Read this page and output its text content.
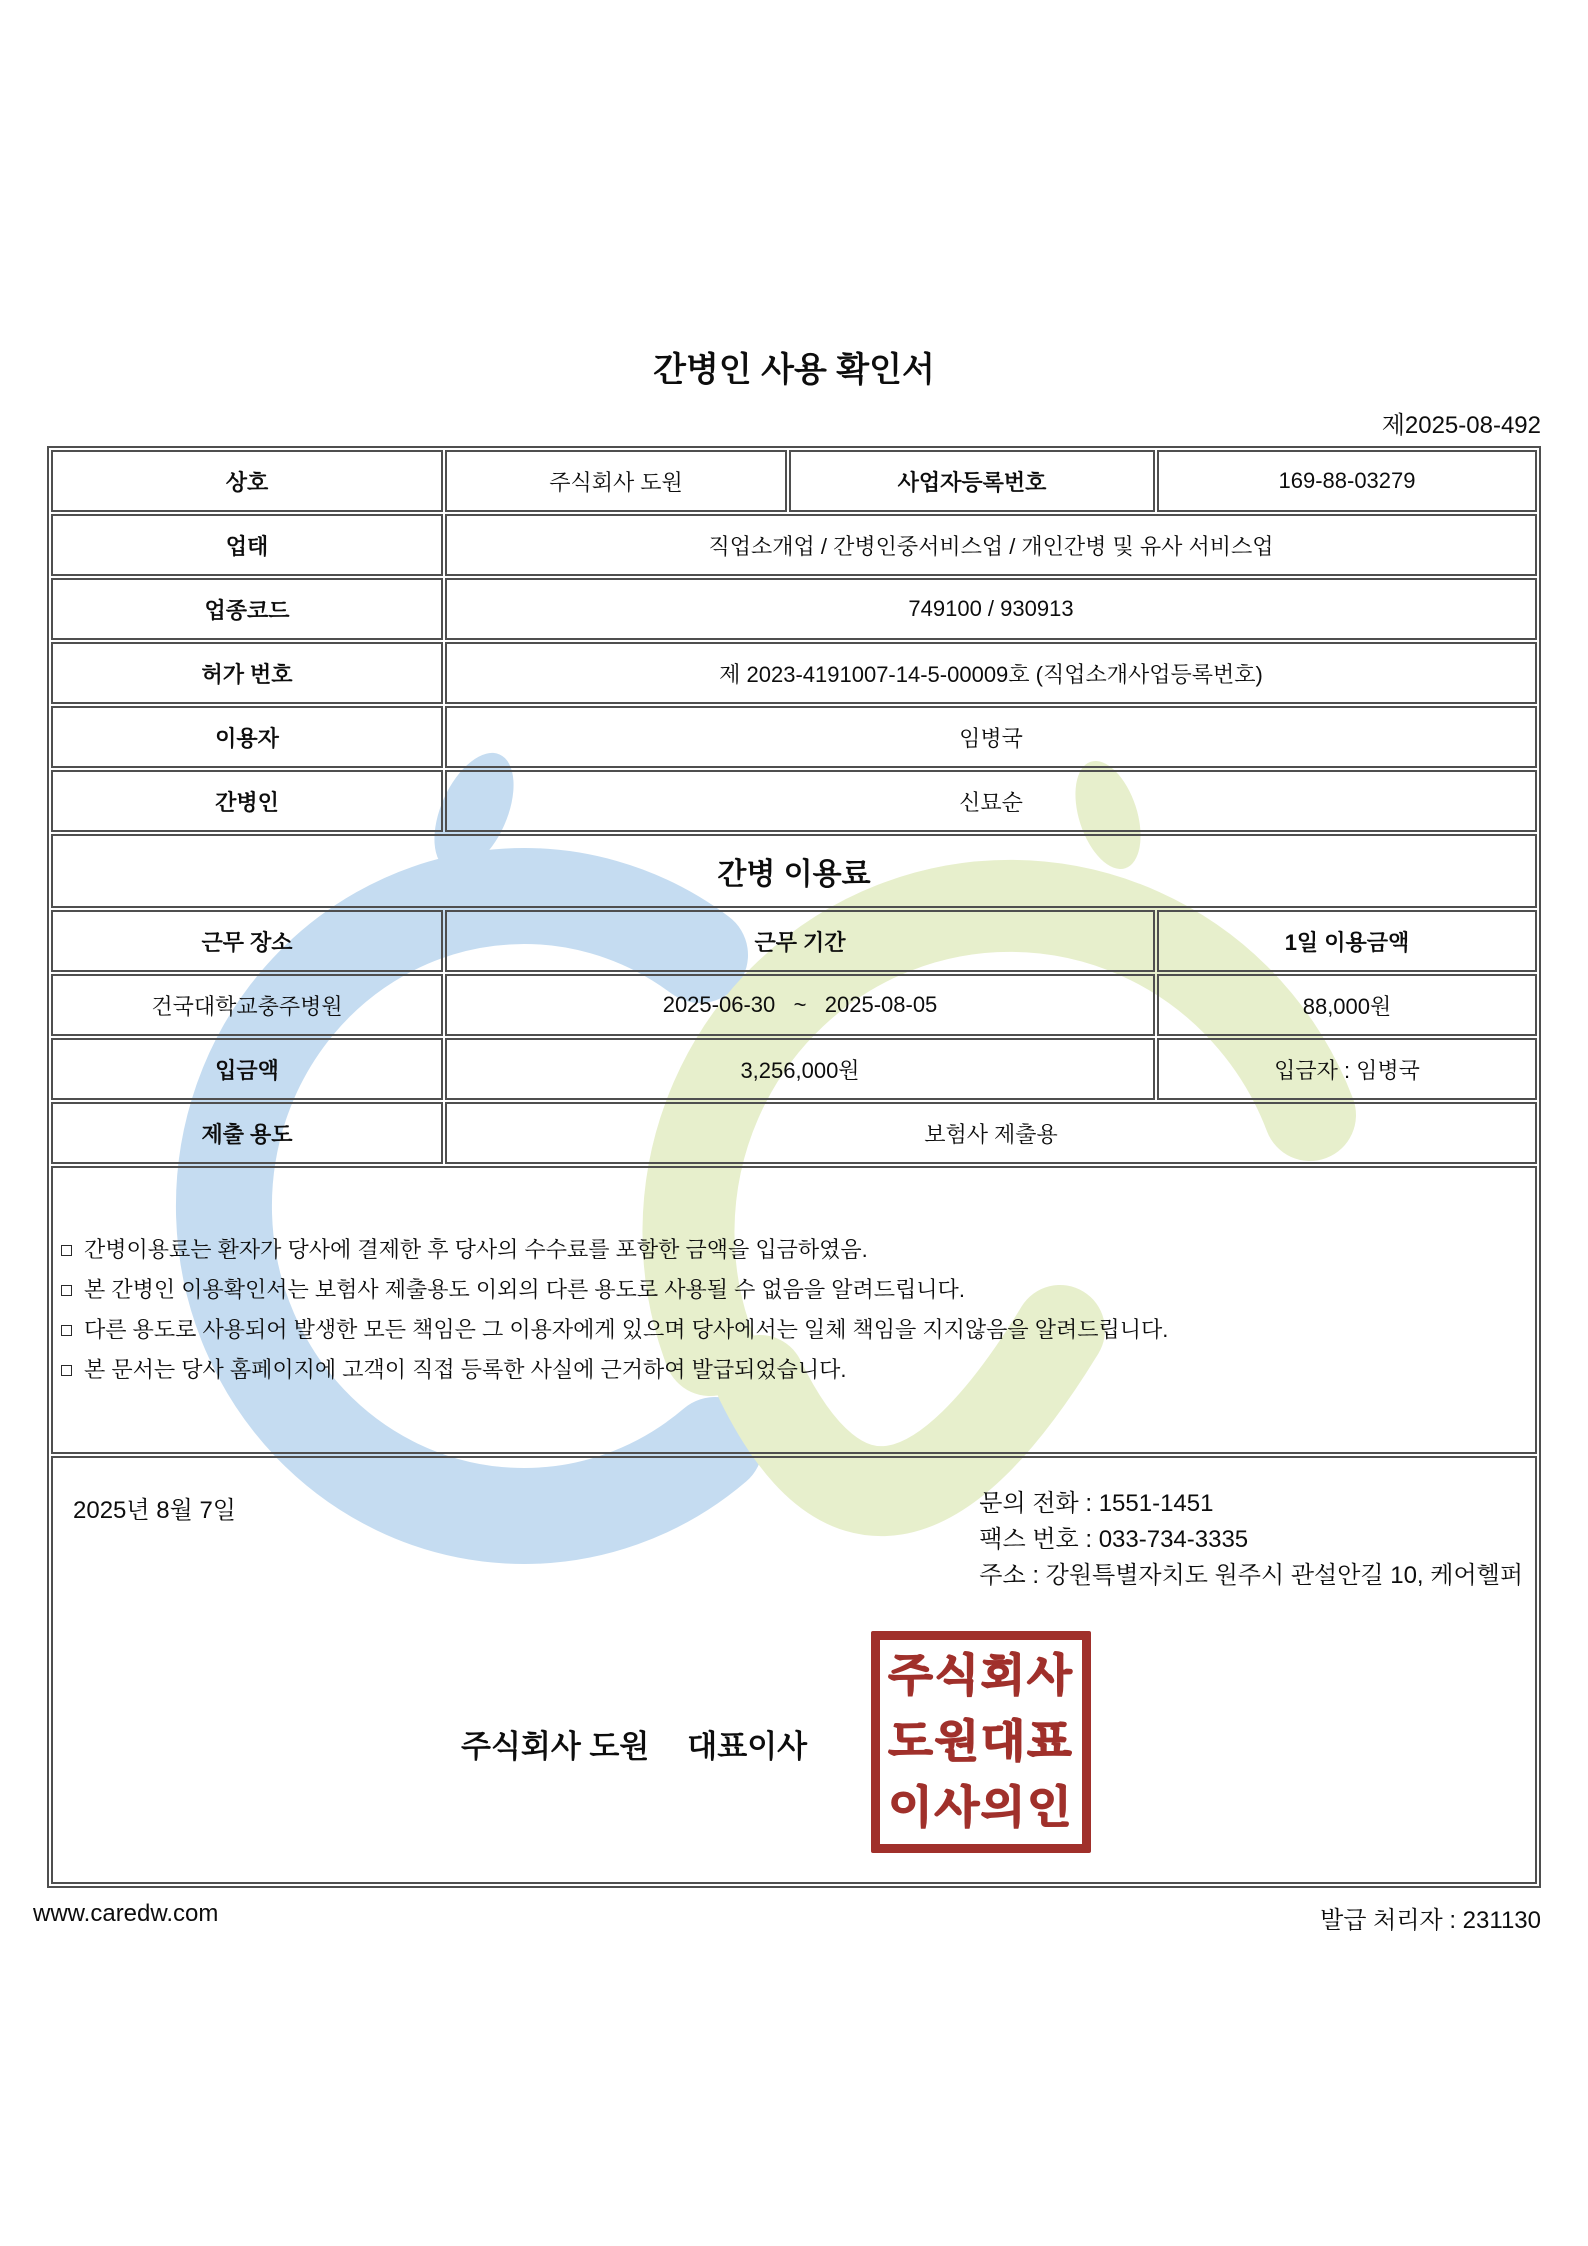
간병인 사용 확인서
제2025-08-492
상호	주식회사 도원	사업자등록번호	169-88-03279
업태	직업소개업 / 간병인중서비스업 / 개인간병 및 유사 서비스업		
업종코드	749100 / 930913		
허가 번호	제 2023-4191007-14-5-00009호 (직업소개사업등록번호)		
이용자	임병국		
간병인	신묘순		
간병 이용료			
근무 장소	근무 기간		1일 이용금액
건국대학교충주병원	2025-06-30   ~   2025-08-05		88,000원
입금액	3,256,000원		입금자 : 임병국
제출 용도	보험사 제출용		

간병이용료는 환자가 당사에 결제한 후 당사의 수수료를 포함한 금액을 입금하였음.
본 간병인 이용확인서는 보험사 제출용도 이외의 다른 용도로 사용될 수 없음을 알려드립니다.
다른 용도로 사용되어 발생한 모든 책임은 그 이용자에게 있으며 당사에서는 일체 책임을 지지않음을 알려드립니다.
본 문서는 당사 홈페이지에 고객이 직접 등록한 사실에 근거하여 발급되었습니다.			

2025년 8월 7일	문의 전화 : 1551-1451
팩스 번호 : 033-734-3335
주소 : 강원특별자치도 원주시 관설안길 10, 케어헬퍼
주식회사 도원 대표이사
주식회사
도원대표
이사의인
www.caredw.com	발급 처리자 : 231130
